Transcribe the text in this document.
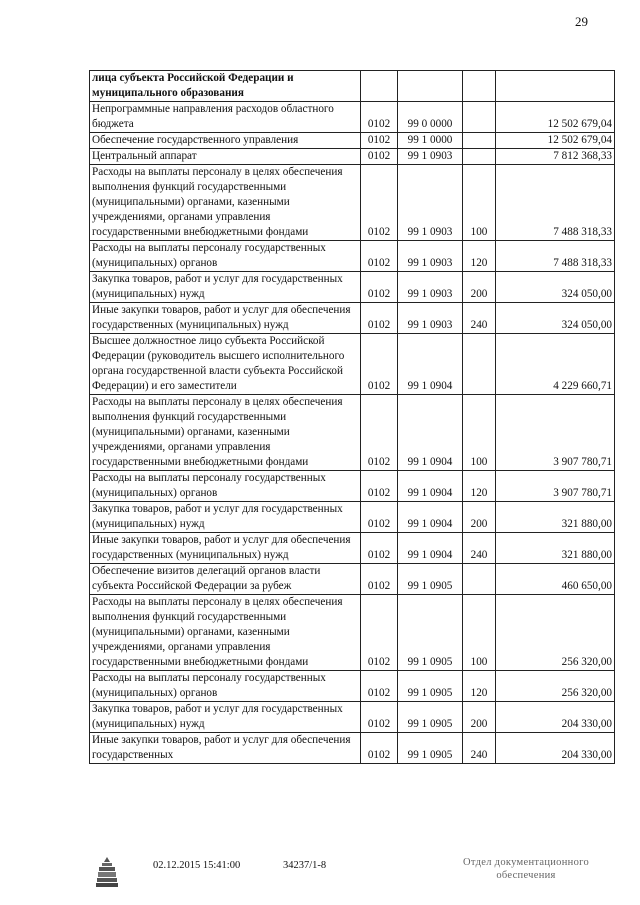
29
лица субъекта Российской Федерации и муниципального образования				
Непрограммные направления расходов областного бюджета	0102	99 0 0000		12 502 679,04
Обеспечение государственного управления	0102	99 1 0000		12 502 679,04
Центральный аппарат	0102	99 1 0903		7 812 368,33
Расходы на выплаты персоналу в целях обеспечения выполнения функций государственными (муниципальными) органами, казенными учреждениями, органами управления государственными внебюджетными фондами	0102	99 1 0903	100	7 488 318,33
Расходы на выплаты персоналу государственных (муниципальных) органов	0102	99 1 0903	120	7 488 318,33
Закупка товаров, работ и услуг для государственных (муниципальных) нужд	0102	99 1 0903	200	324 050,00
Иные закупки товаров, работ и услуг для обеспечения государственных (муниципальных) нужд	0102	99 1 0903	240	324 050,00
Высшее должностное лицо субъекта Российской Федерации (руководитель высшего исполнительного органа государственной власти субъекта Российской Федерации) и его заместители	0102	99 1 0904		4 229 660,71
Расходы на выплаты персоналу в целях обеспечения выполнения функций государственными (муниципальными) органами, казенными учреждениями, органами управления государственными внебюджетными фондами	0102	99 1 0904	100	3 907 780,71
Расходы на выплаты персоналу государственных (муниципальных) органов	0102	99 1 0904	120	3 907 780,71
Закупка товаров, работ и услуг для государственных (муниципальных) нужд	0102	99 1 0904	200	321 880,00
Иные закупки товаров, работ и услуг для обеспечения государственных (муниципальных) нужд	0102	99 1 0904	240	321 880,00
Обеспечение визитов делегаций органов власти субъекта Российской Федерации за рубеж	0102	99 1 0905		460 650,00
Расходы на выплаты персоналу в целях обеспечения выполнения функций государственными (муниципальными) органами, казенными учреждениями, органами управления государственными внебюджетными фондами	0102	99 1 0905	100	256 320,00
Расходы на выплаты персоналу государственных (муниципальных) органов	0102	99 1 0905	120	256 320,00
Закупка товаров, работ и услуг для государственных (муниципальных) нужд	0102	99 1 0905	200	204 330,00
Иные закупки товаров, работ и услуг для обеспечения государственных	0102	99 1 0905	240	204 330,00
02.12.2015 15:41:00	34237/1-8	Отдел документационного
обеспечения
